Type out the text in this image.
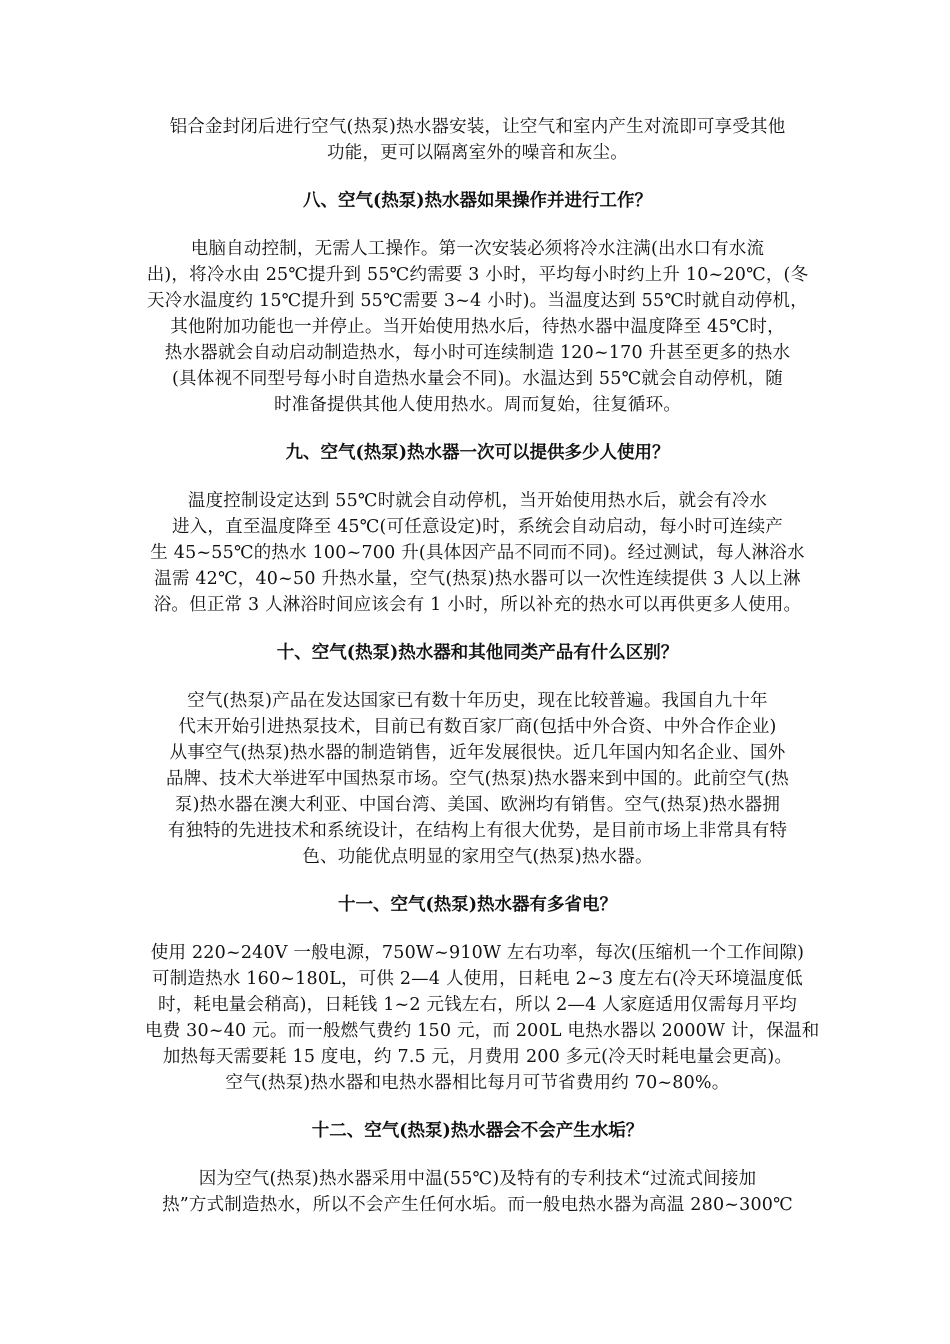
铝合金封闭后进行空气(热泵)热水器安装，让空气和室内产生对流即可享受其他
功能，更可以隔离室外的噪音和灰尘。

八、空气(热泵)热水器如果操作并进行工作？

电脑自动控制，无需人工操作。第一次安装必须将冷水注满(出水口有水流
出)，将冷水由 25℃提升到 55℃约需要 3 小时，平均每小时约上升 10~20℃，(冬
天冷水温度约 15℃提升到 55℃需要 3~4 小时)。当温度达到 55℃时就自动停机，
其他附加功能也一并停止。当开始使用热水后，待热水器中温度降至 45℃时，
热水器就会自动启动制造热水，每小时可连续制造 120~170 升甚至更多的热水
(具体视不同型号每小时自造热水量会不同)。水温达到 55℃就会自动停机，随
时准备提供其他人使用热水。周而复始，往复循环。

九、空气(热泵)热水器一次可以提供多少人使用？

温度控制设定达到 55℃时就会自动停机，当开始使用热水后，就会有冷水
进入，直至温度降至 45℃(可任意设定)时，系统会自动启动，每小时可连续产
生 45~55℃的热水 100~700 升(具体因产品不同而不同)。经过测试，每人淋浴水
温需 42℃，40~50 升热水量，空气(热泵)热水器可以一次性连续提供 3 人以上淋
浴。但正常 3 人淋浴时间应该会有 1 小时，所以补充的热水可以再供更多人使用。

十、空气(热泵)热水器和其他同类产品有什么区别？

空气(热泵)产品在发达国家已有数十年历史，现在比较普遍。我国自九十年
代末开始引进热泵技术，目前已有数百家厂商(包括中外合资、中外合作企业)
从事空气(热泵)热水器的制造销售，近年发展很快。近几年国内知名企业、国外
品牌、技术大举进军中国热泵市场。空气(热泵)热水器来到中国的。此前空气(热
泵)热水器在澳大利亚、中国台湾、美国、欧洲均有销售。空气(热泵)热水器拥
有独特的先进技术和系统设计，在结构上有很大优势，是目前市场上非常具有特
色、功能优点明显的家用空气(热泵)热水器。

十一、空气(热泵)热水器有多省电？

使用 220~240V 一般电源，750W~910W 左右功率，每次(压缩机一个工作间隙)
可制造热水 160~180L，可供 2—4 人使用，日耗电 2~3 度左右(冷天环境温度低
时，耗电量会稍高)，日耗钱 1~2 元钱左右，所以 2—4 人家庭适用仅需每月平均
电费 30~40 元。而一般燃气费约 150 元，而 200L 电热水器以 2000W 计，保温和
加热每天需要耗 15 度电，约 7.5 元，月费用 200 多元(冷天时耗电量会更高)。
空气(热泵)热水器和电热水器相比每月可节省费用约 70~80%。

十二、空气(热泵)热水器会不会产生水垢？

因为空气(热泵)热水器采用中温(55℃)及特有的专利技术“过流式间接加
热”方式制造热水，所以不会产生任何水垢。而一般电热水器为高温 280~300℃
